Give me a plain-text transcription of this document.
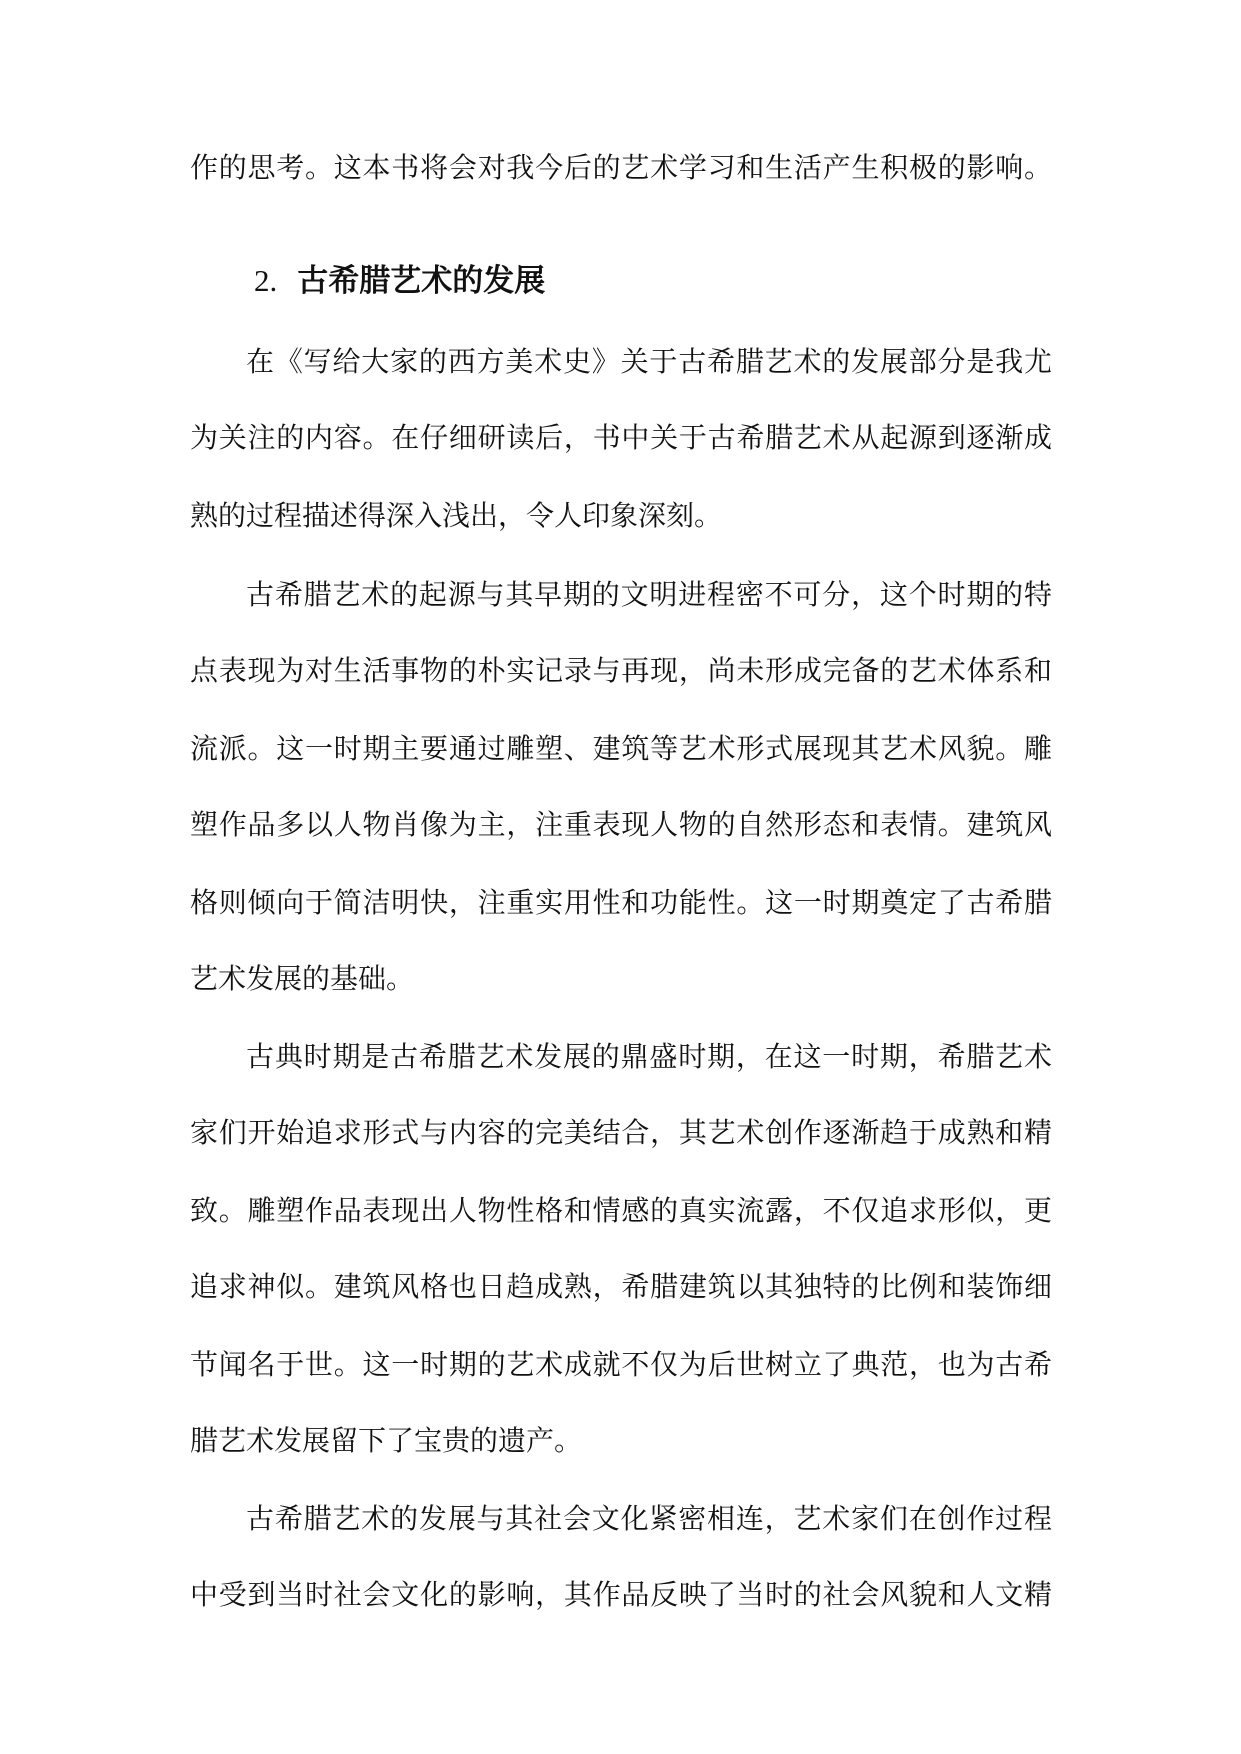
作的思考。这本书将会对我今后的艺术学习和生活产生积极的影响。
2. 古希腊艺术的发展
在《写给大家的西方美术史》关于古希腊艺术的发展部分是我尤
为关注的内容。在仔细研读后，书中关于古希腊艺术从起源到逐渐成
熟的过程描述得深入浅出，令人印象深刻。
古希腊艺术的起源与其早期的文明进程密不可分，这个时期的特
点表现为对生活事物的朴实记录与再现，尚未形成完备的艺术体系和
流派。这一时期主要通过雕塑、建筑等艺术形式展现其艺术风貌。雕
塑作品多以人物肖像为主，注重表现人物的自然形态和表情。建筑风
格则倾向于简洁明快，注重实用性和功能性。这一时期奠定了古希腊
艺术发展的基础。
古典时期是古希腊艺术发展的鼎盛时期，在这一时期，希腊艺术
家们开始追求形式与内容的完美结合，其艺术创作逐渐趋于成熟和精
致。雕塑作品表现出人物性格和情感的真实流露，不仅追求形似，更
追求神似。建筑风格也日趋成熟，希腊建筑以其独特的比例和装饰细
节闻名于世。这一时期的艺术成就不仅为后世树立了典范，也为古希
腊艺术发展留下了宝贵的遗产。
古希腊艺术的发展与其社会文化紧密相连，艺术家们在创作过程
中受到当时社会文化的影响，其作品反映了当时的社会风貌和人文精
